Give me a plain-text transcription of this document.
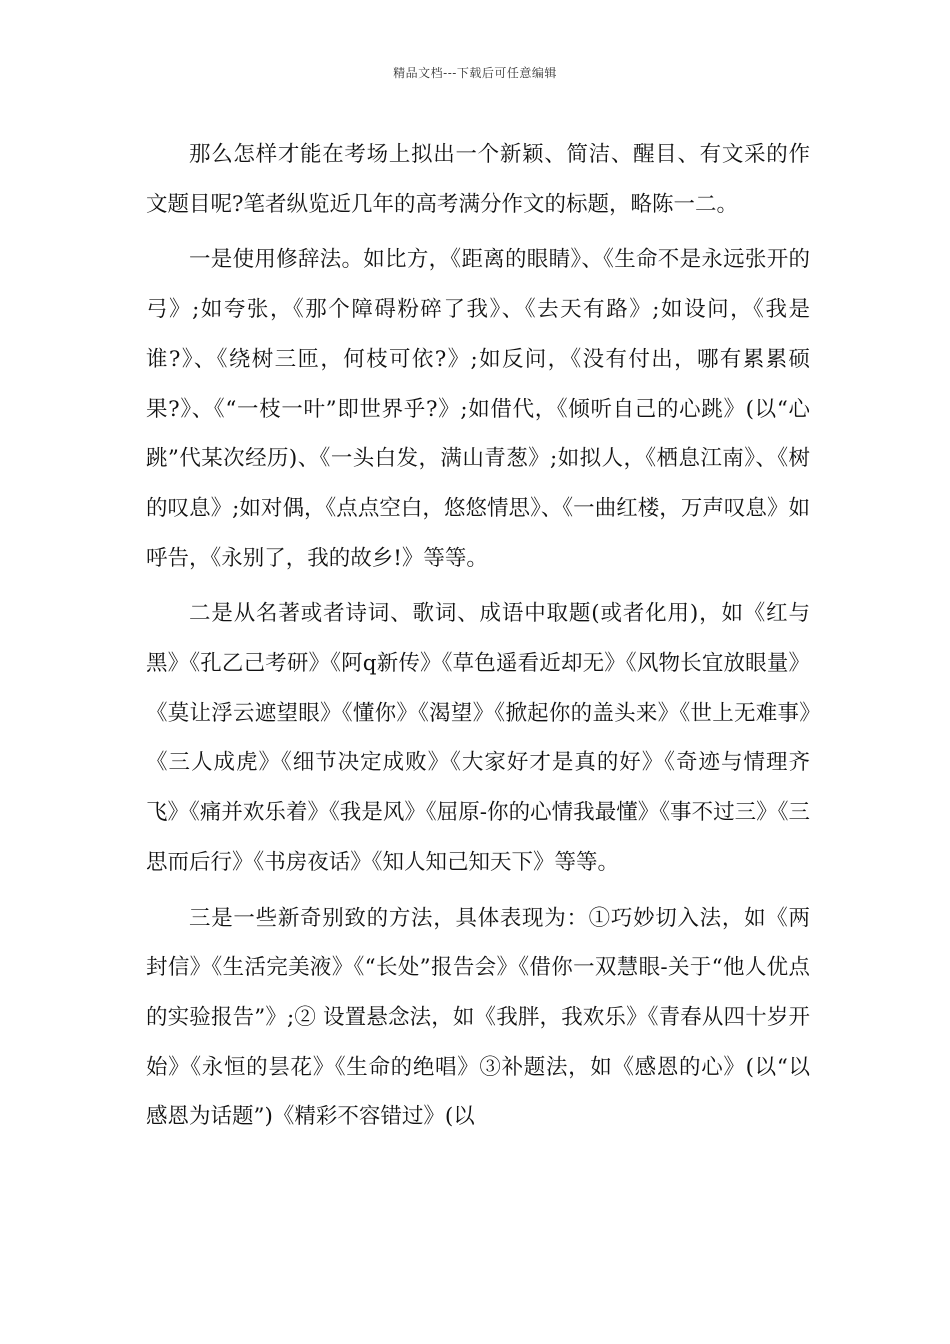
精品文档---下载后可任意编辑

那么怎样才能在考场上拟出一个新颖、简洁、醒目、有文采的作文题目呢?笔者纵览近几年的高考满分作文的标题，略陈一二。

一是使用修辞法。如比方，《距离的眼睛》、《生命不是永远张开的弓》;如夸张，《那个障碍粉碎了我》、《去天有路》;如设问，《我是谁?》、《绕树三匝，何枝可依?》;如反问，《没有付出，哪有累累硕果?》、《“一枝一叶”即世界乎?》;如借代，《倾听自己的心跳》(以“心跳”代某次经历)、《一头白发，满山青葱》;如拟人，《栖息江南》、《树的叹息》;如对偶，《点点空白，悠悠情思》、《一曲红楼，万声叹息》如呼告，《永别了，我的故乡!》等等。

二是从名著或者诗词、歌词、成语中取题(或者化用)，如《红与黑》《孔乙己考研》《阿q新传》《草色遥看近却无》《风物长宜放眼量》《莫让浮云遮望眼》《懂你》《渴望》《掀起你的盖头来》《世上无难事》《三人成虎》《细节决定成败》《大家好才是真的好》《奇迹与情理齐飞》《痛并欢乐着》《我是风》《屈原-你的心情我最懂》《事不过三》《三思而后行》《书房夜话》《知人知己知天下》等等。

三是一些新奇别致的方法，具体表现为：①巧妙切入法，如《两封信》《生活完美液》《“长处”报告会》《借你一双慧眼-关于“他人优点的实验报告”》;② 设置悬念法，如《我胖，我欢乐》《青春从四十岁开始》《永恒的昙花》《生命的绝唱》③补题法，如《感恩的心》(以“以感恩为话题”)《精彩不容错过》(以
